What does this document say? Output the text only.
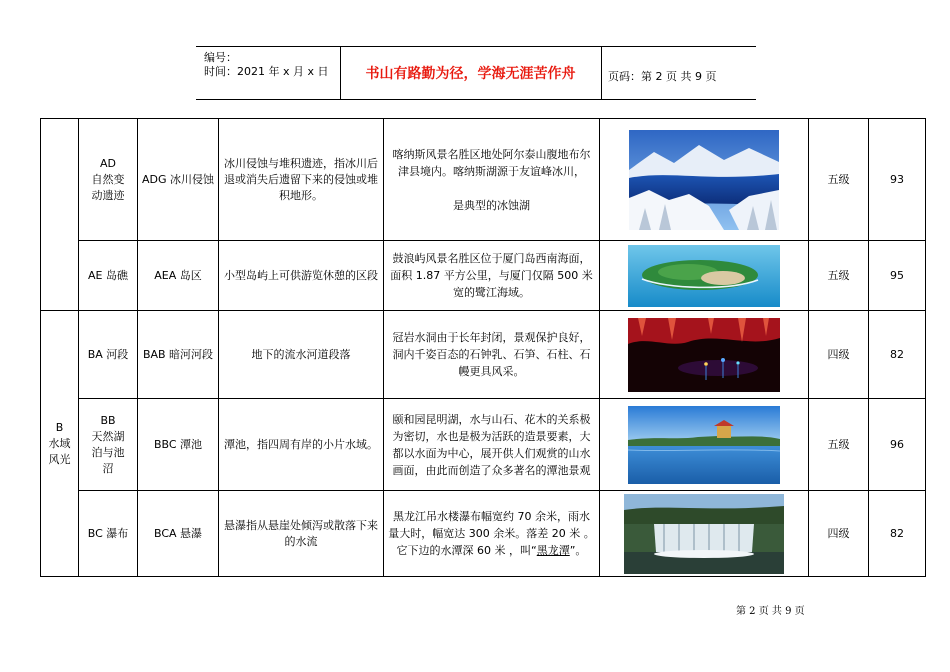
编号：
时间：2021 年 x 月 x 日	书山有路勤为径，学海无涯苦作舟	页码：第 2 页 共 9 页
	AD
自然变
动遗迹	ADG 冰川侵蚀	冰川侵蚀与堆积遗迹，指冰川后退或消失后遗留下来的侵蚀或堆积地形。	喀纳斯风景名胜区地处阿尔泰山腹地布尔津县境内。喀纳斯湖源于友谊峰冰川，

是典型的冰蚀湖		五级	93
	AE 岛礁	AEA 岛区	小型岛屿上可供游览休憩的区段	鼓浪屿风景名胜区位于厦门岛西南海面，面积 1.87 平方公里，与厦门仅隔 500 米宽的鹭江海域。		五级	95
B
水域
风光	BA 河段	BAB 暗河河段	地下的流水河道段落	冠岩水洞由于长年封闭，景观保护良好，洞内千姿百态的石钟乳、石笋、石柱、石幔更具风采。		四级	82
	BB
天然湖
泊与池
沼	BBC 潭池	潭池，指四周有岸的小片水域。	颐和园昆明湖，水与山石、花木的关系极为密切，水也是极为活跃的造景要素，大都以水面为中心，展开供人们观赏的山水画面，由此而创造了众多著名的潭池景观		五级	96
	BC 瀑布	BCA 悬瀑	悬瀑指从悬崖处倾泻或散落下来的水流	黑龙江吊水楼瀑布幅宽约 70 余米，雨水量大时，幅宽达 300 余米。落差 20 米 。它下边的水潭深 60 米 ，叫“黑龙潭”。		四级	82
第 2 页 共 9 页
